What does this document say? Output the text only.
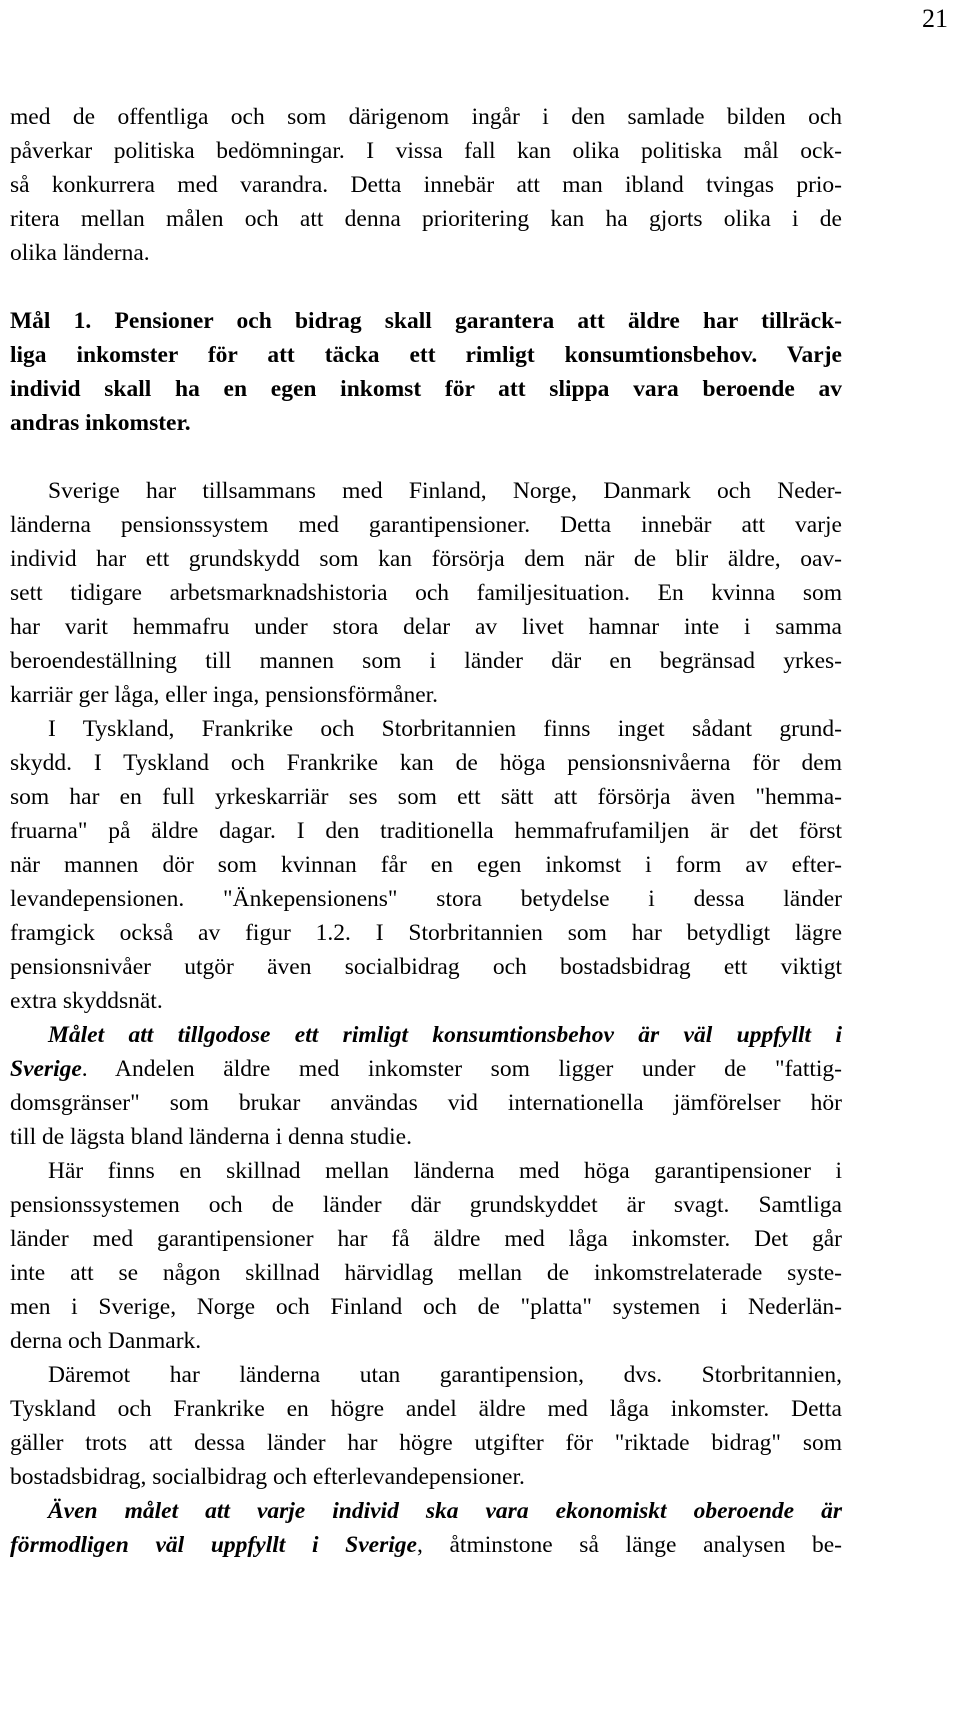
21
med de offentliga och som därigenom ingår i den samlade bilden och
påverkar politiska bedömningar. I vissa fall kan olika politiska mål ock-
så konkurrera med varandra. Detta innebär att man ibland tvingas prio-
ritera mellan målen och att denna prioritering kan ha gjorts olika i de
olika länderna.
Mål 1. Pensioner och bidrag skall garantera att äldre har tillräck-
liga inkomster för att täcka ett rimligt konsumtionsbehov. Varje
individ skall ha en egen inkomst för att slippa vara beroende av
andras inkomster.
Sverige har tillsammans med Finland, Norge, Danmark och Neder-
länderna pensionssystem med garantipensioner. Detta innebär att varje
individ har ett grundskydd som kan försörja dem när de blir äldre, oav-
sett tidigare arbetsmarknadshistoria och familjesituation. En kvinna som
har varit hemmafru under stora delar av livet hamnar inte i samma
beroendeställning till mannen som i länder där en begränsad yrkes-
karriär ger låga, eller inga, pensionsförmåner.
I Tyskland, Frankrike och Storbritannien finns inget sådant grund-
skydd. I Tyskland och Frankrike kan de höga pensionsnivåerna för dem
som har en full yrkeskarriär ses som ett sätt att försörja även "hemma-
fruarna" på äldre dagar. I den traditionella hemmafrufamiljen är det först
när mannen dör som kvinnan får en egen inkomst i form av efter-
levandepensionen. "Änkepensionens" stora betydelse i dessa länder
framgick också av figur 1.2. I Storbritannien som har betydligt lägre
pensionsnivåer utgör även socialbidrag och bostadsbidrag ett viktigt
extra skyddsnät.
Målet att tillgodose ett rimligt konsumtionsbehov är väl uppfyllt i
Sverige. Andelen äldre med inkomster som ligger under de "fattig-
domsgränser" som brukar användas vid internationella jämförelser hör
till de lägsta bland länderna i denna studie.
Här finns en skillnad mellan länderna med höga garantipensioner i
pensionssystemen och de länder där grundskyddet är svagt. Samtliga
länder med garantipensioner har få äldre med låga inkomster. Det går
inte att se någon skillnad härvidlag mellan de inkomstrelaterade syste-
men i Sverige, Norge och Finland och de "platta" systemen i Nederlän-
derna och Danmark.
Däremot har länderna utan garantipension, dvs. Storbritannien,
Tyskland och Frankrike en högre andel äldre med låga inkomster. Detta
gäller trots att dessa länder har högre utgifter för "riktade bidrag" som
bostadsbidrag, socialbidrag och efterlevandepensioner.
Även målet att varje individ ska vara ekonomiskt oberoende är
förmodligen väl uppfyllt i Sverige, åtminstone så länge analysen be-
